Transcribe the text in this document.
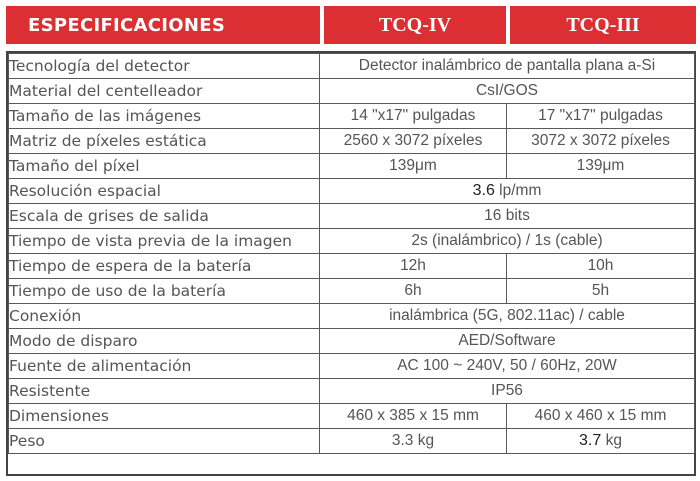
ESPECIFICACIONES	TCQ-IV	TCQ-III
Tecnología del detector	Detector inalámbrico de pantalla plana a-Si	
Material del centelleador	CsI/GOS	
Tamaño de las imágenes	14 "x17" pulgadas	17 "x17" pulgadas
Matriz de píxeles estática	2560 x 3072 píxeles	3072 x 3072 píxeles
Tamaño del píxel	139μm	139μm
Resolución espacial	3.6 lp/mm	
Escala de grises de salida	16 bits	
Tiempo de vista previa de la imagen	2s (inalámbrico) / 1s (cable)	
Tiempo de espera de la batería	12h	10h
Tiempo de uso de la batería	6h	5h
Conexión	inalámbrica (5G, 802.11ac) / cable	
Modo de disparo	AED/Software	
Fuente de alimentación	AC 100 ~ 240V, 50 / 60Hz, 20W	
Resistente	IP56	
Dimensiones	460 x 385 x 15 mm	460 x 460 x 15 mm
Peso	3.3 kg	3.7 kg
